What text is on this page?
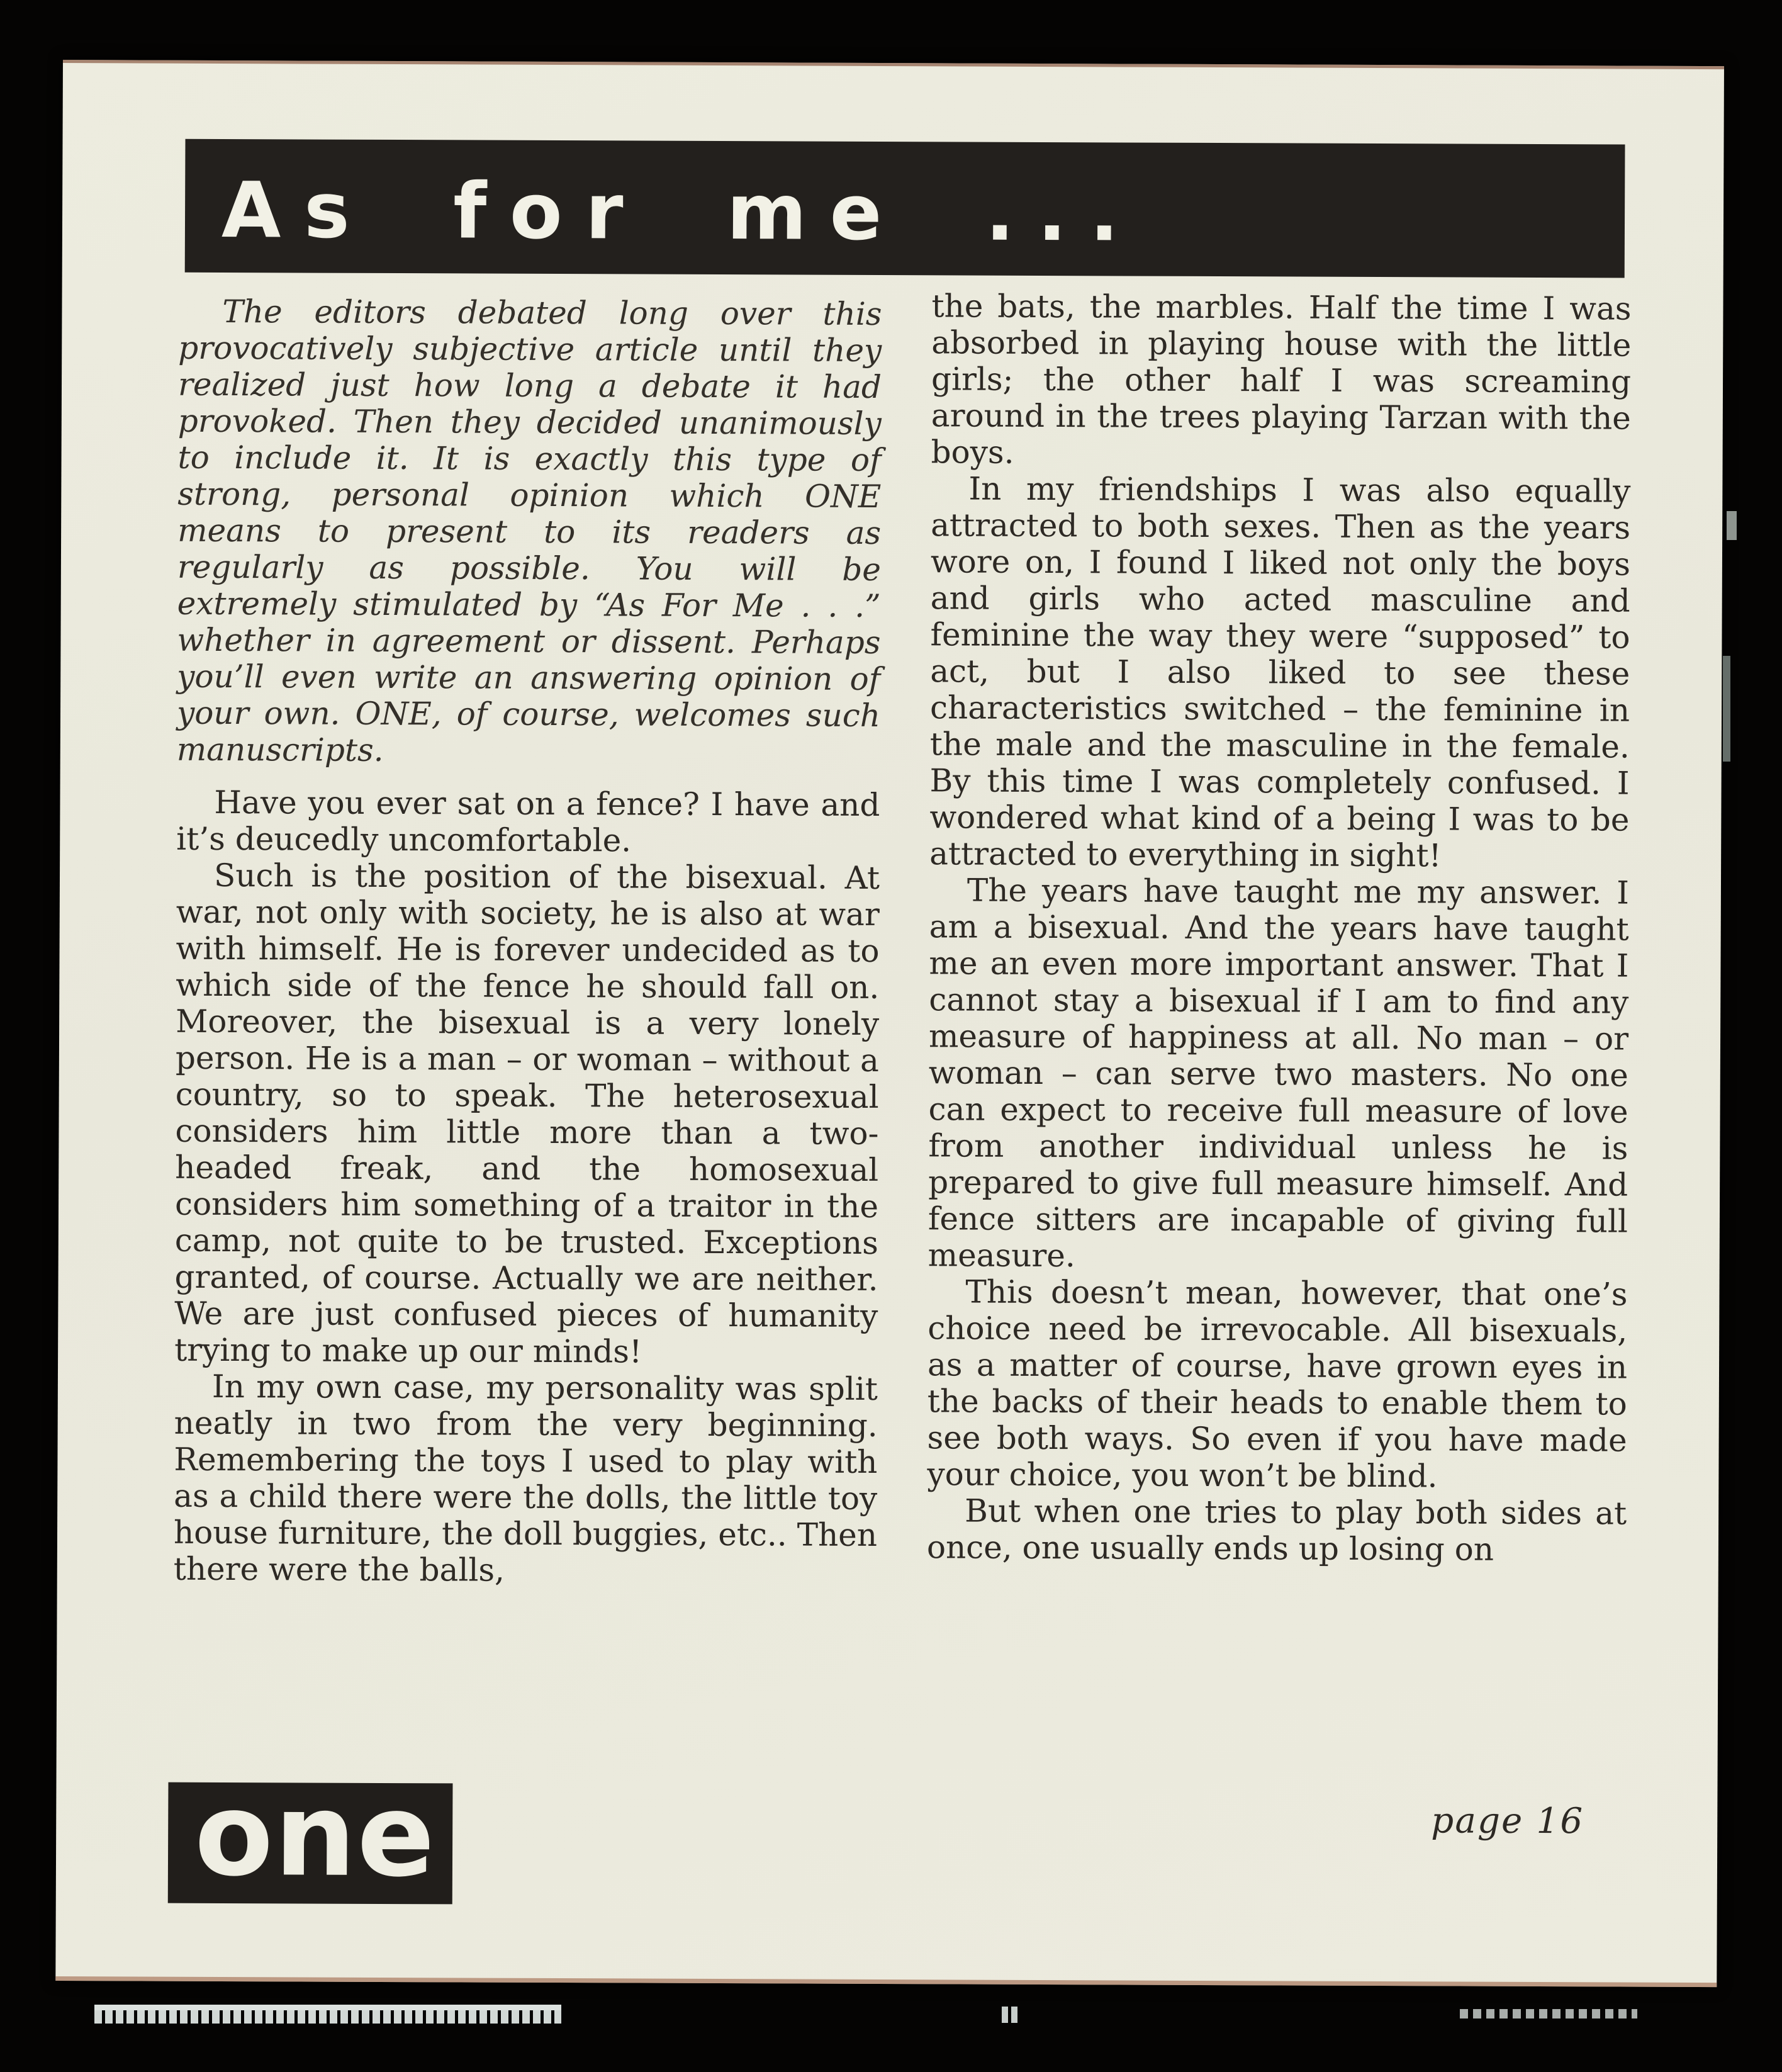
As for me ...

The editors debated long over this provocatively subjective article until they realized just how long a debate it had provoked. Then they decided unanimously to include it. It is exactly this type of strong, personal opinion which ONE means to present to its readers as regularly as possible. You will be extremely stimulated by “As For Me . . .” whether in agreement or dissent. Perhaps you’ll even write an answering opinion of your own. ONE, of course, welcomes such manuscripts.

Have you ever sat on a fence? I have and it’s deucedly uncomfortable.

Such is the position of the bisexual. At war, not only with society, he is also at war with himself. He is forever undecided as to which side of the fence he should fall on. Moreover, the bisexual is a very lonely person. He is a man – or woman – without a country, so to speak. The heterosexual considers him little more than a two-headed freak, and the homosexual considers him something of a traitor in the camp, not quite to be trusted. Exceptions granted, of course. Actually we are neither. We are just confused pieces of humanity trying to make up our minds!

In my own case, my personality was split neatly in two from the very beginning. Remembering the toys I used to play with as a child there were the dolls, the little toy house furniture, the doll buggies, etc.. Then there were the balls,

the bats, the marbles. Half the time I was absorbed in playing house with the little girls; the other half I was screaming around in the trees playing Tarzan with the boys.

In my friendships I was also equally attracted to both sexes. Then as the years wore on, I found I liked not only the boys and girls who acted masculine and feminine the way they were “supposed” to act, but I also liked to see these characteristics switched – the feminine in the male and the masculine in the female. By this time I was completely confused. I wondered what kind of a being I was to be attracted to everything in sight!

The years have taught me my answer. I am a bisexual. And the years have taught me an even more important answer. That I cannot stay a bisexual if I am to find any measure of happiness at all. No man – or woman – can serve two masters. No one can expect to receive full measure of love from another individual unless he is prepared to give full measure himself. And fence sitters are incapable of giving full measure.

This doesn’t mean, however, that one’s choice need be irrevocable. All bisexuals, as a matter of course, have grown eyes in the backs of their heads to enable them to see both ways. So even if you have made your choice, you won’t be blind.

But when one tries to play both sides at once, one usually ends up losing on

one	page 16
